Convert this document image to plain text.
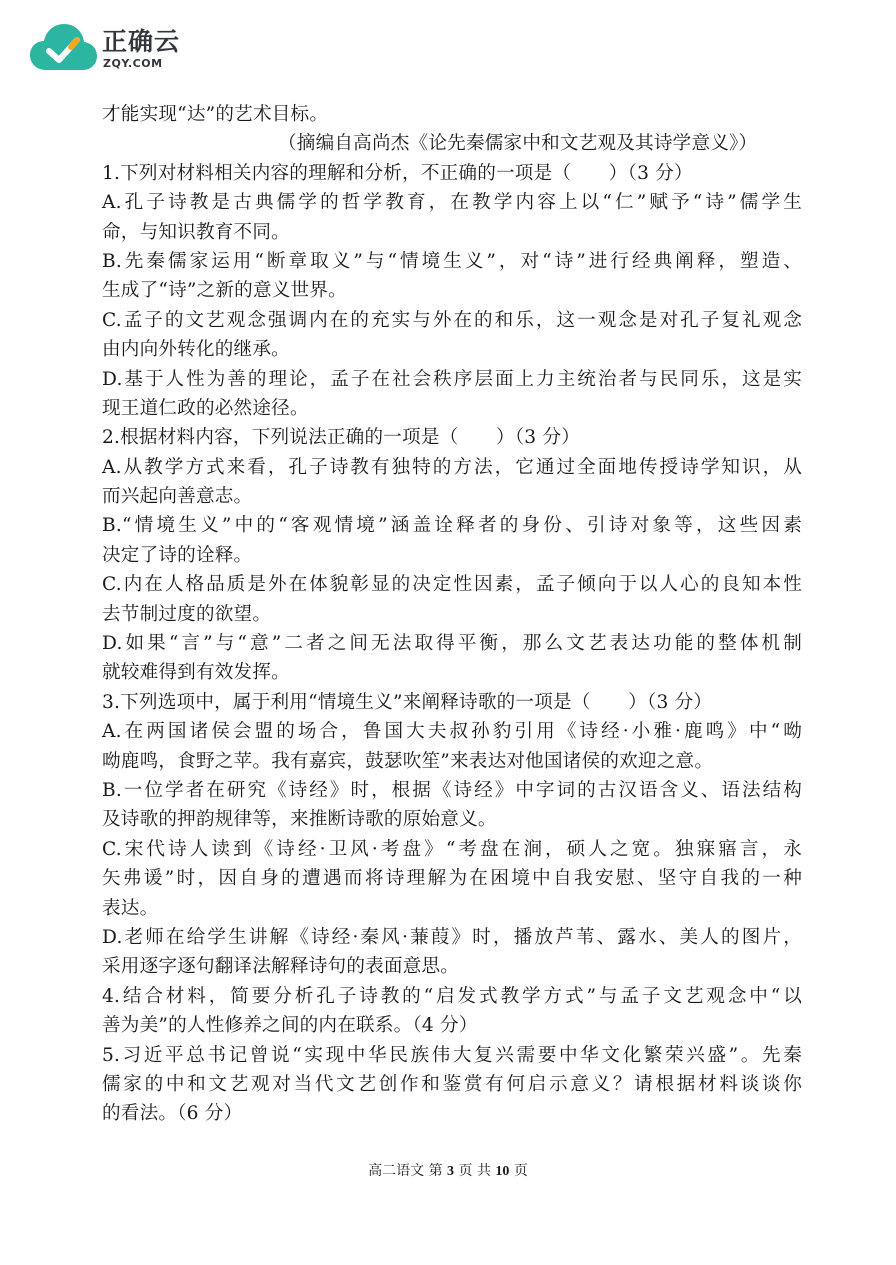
正确云
ZQY.COM
才能实现“达”的艺术目标。
（摘编自高尚杰《论先秦儒家中和文艺观及其诗学意义》）
1.下列对材料相关内容的理解和分析，不正确的一项是（　　）（3 分）
A.孔子诗教是古典儒学的哲学教育，在教学内容上以“仁”赋予“诗”儒学生
命，与知识教育不同。
B.先秦儒家运用“断章取义”与“情境生义”，对“诗”进行经典阐释，塑造、
生成了“诗”之新的意义世界。
C.孟子的文艺观念强调内在的充实与外在的和乐，这一观念是对孔子复礼观念
由内向外转化的继承。
D.基于人性为善的理论，孟子在社会秩序层面上力主统治者与民同乐，这是实
现王道仁政的必然途径。
2.根据材料内容，下列说法正确的一项是（　　）（3 分）
A.从教学方式来看，孔子诗教有独特的方法，它通过全面地传授诗学知识，从
而兴起向善意志。
B.“情境生义”中的“客观情境”涵盖诠释者的身份、引诗对象等，这些因素
决定了诗的诠释。
C.内在人格品质是外在体貌彰显的决定性因素，孟子倾向于以人心的良知本性
去节制过度的欲望。
D.如果“言”与“意”二者之间无法取得平衡，那么文艺表达功能的整体机制
就较难得到有效发挥。
3.下列选项中，属于利用“情境生义”来阐释诗歌的一项是（　　）（3 分）
A.在两国诸侯会盟的场合，鲁国大夫叔孙豹引用《诗经·小雅·鹿鸣》中“呦
呦鹿鸣，食野之苹。我有嘉宾，鼓瑟吹笙”来表达对他国诸侯的欢迎之意。
B.一位学者在研究《诗经》时，根据《诗经》中字词的古汉语含义、语法结构
及诗歌的押韵规律等，来推断诗歌的原始意义。
C.宋代诗人读到《诗经·卫风·考盘》“考盘在涧，硕人之宽。独寐寤言，永
矢弗谖”时，因自身的遭遇而将诗理解为在困境中自我安慰、坚守自我的一种
表达。
D.老师在给学生讲解《诗经·秦风·蒹葭》时，播放芦苇、露水、美人的图片，
采用逐字逐句翻译法解释诗句的表面意思。
4.结合材料，简要分析孔子诗教的“启发式教学方式”与孟子文艺观念中“以
善为美”的人性修养之间的内在联系。（4 分）
5.习近平总书记曾说“实现中华民族伟大复兴需要中华文化繁荣兴盛”。先秦
儒家的中和文艺观对当代文艺创作和鉴赏有何启示意义？请根据材料谈谈你
的看法。（6 分）
高二语文 第 3 页 共 10 页
